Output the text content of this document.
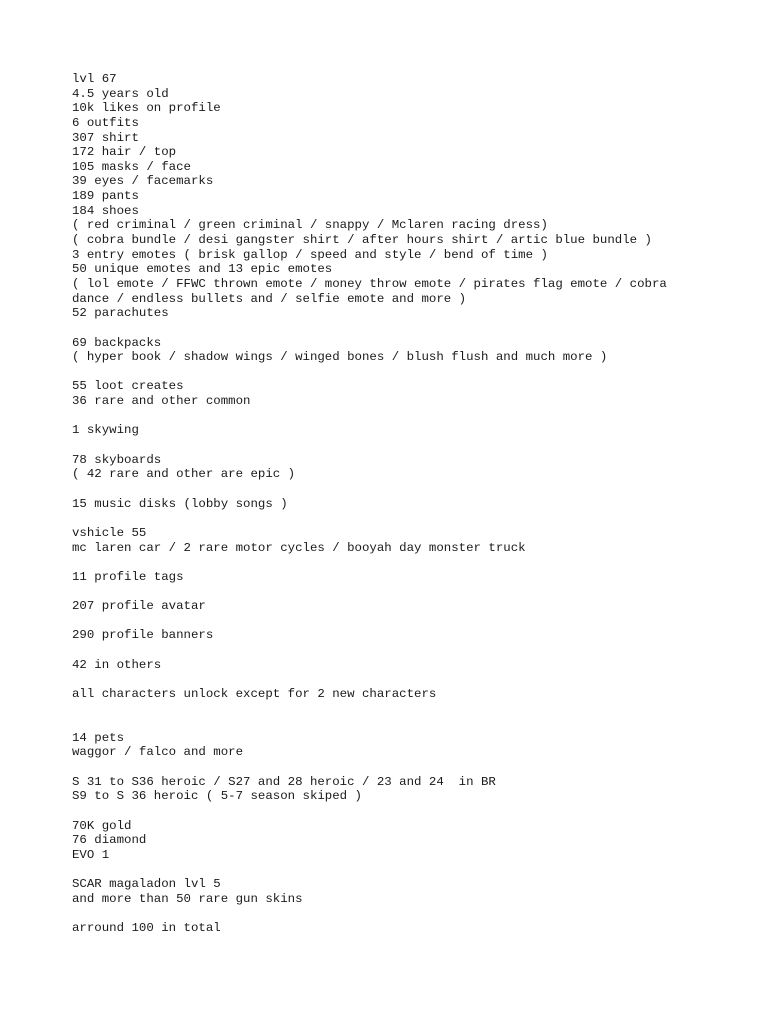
lvl 67
4.5 years old
10k likes on profile
6 outfits
307 shirt
172 hair / top
105 masks / face
39 eyes / facemarks
189 pants
184 shoes
( red criminal / green criminal / snappy / Mclaren racing dress)
( cobra bundle / desi gangster shirt / after hours shirt / artic blue bundle )
3 entry emotes ( brisk gallop / speed and style / bend of time )
50 unique emotes and 13 epic emotes
( lol emote / FFWC thrown emote / money throw emote / pirates flag emote / cobra
dance / endless bullets and / selfie emote and more )
52 parachutes
69 backpacks
( hyper book / shadow wings / winged bones / blush flush and much more )
55 loot creates
36 rare and other common
1 skywing
78 skyboards
( 42 rare and other are epic )
15 music disks (lobby songs )
vshicle 55
mc laren car / 2 rare motor cycles / booyah day monster truck
11 profile tags
207 profile avatar
290 profile banners
42 in others
all characters unlock except for 2 new characters
14 pets
waggor / falco and more
S 31 to S36 heroic / S27 and 28 heroic / 23 and 24  in BR
S9 to S 36 heroic ( 5-7 season skiped )
70K gold
76 diamond
EVO 1
SCAR magaladon lvl 5
and more than 50 rare gun skins
arround 100 in total
